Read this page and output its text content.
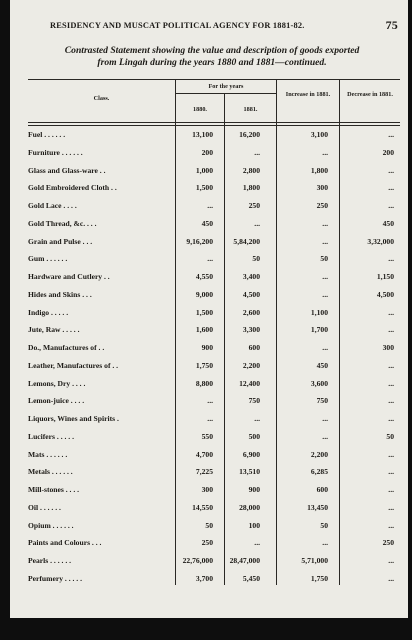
RESIDENCY AND MUSCAT POLITICAL AGENCY FOR 1881-82.	75
Contrasted Statement showing the value and description of goods exported
from Lingah during the years 1880 and 1881—continued.
Class.
For the years
1880.	1881.
Increase in 1881.	Decrease in 1881.
Fuel . . . . . .	13,100	16,200	3,100	...
Furniture . . . . . .	200	...	...	200
Glass and Glass-ware . .	1,000	2,800	1,800	...
Gold Embroidered Cloth . .	1,500	1,800	300	...
Gold Lace . . . .	...	250	250	...
Gold Thread, &c. . . .	450	...	...	450
Grain and Pulse . . .	9,16,200	5,84,200	...	3,32,000
Gum . . . . . .	...	50	50	...
Hardware and Cutlery . .	4,550	3,400	...	1,150
Hides and Skins . . .	9,000	4,500	...	4,500
Indigo . . . . .	1,500	2,600	1,100	...
Jute, Raw . . . . .	1,600	3,300	1,700	...
Do., Manufactures of . .	900	600	...	300
Leather, Manufactures of . .	1,750	2,200	450	...
Lemons, Dry . . . .	8,800	12,400	3,600	...
Lemon-juice . . . .	...	750	750	...
Liquors, Wines and Spirits .	...	...	...	...
Lucifers . . . . .	550	500	...	50
Mats . . . . . .	4,700	6,900	2,200	...
Metals . . . . . .	7,225	13,510	6,285	...
Mill-stones . . . .	300	900	600	...
Oil . . . . . .	14,550	28,000	13,450	...
Opium . . . . . .	50	100	50	...
Paints and Colours . . .	250	...	...	250
Pearls . . . . . .	22,76,000 28,47,000	5,71,000	...
Perfumery . . . . .	3,700	5,450	1,750	...
